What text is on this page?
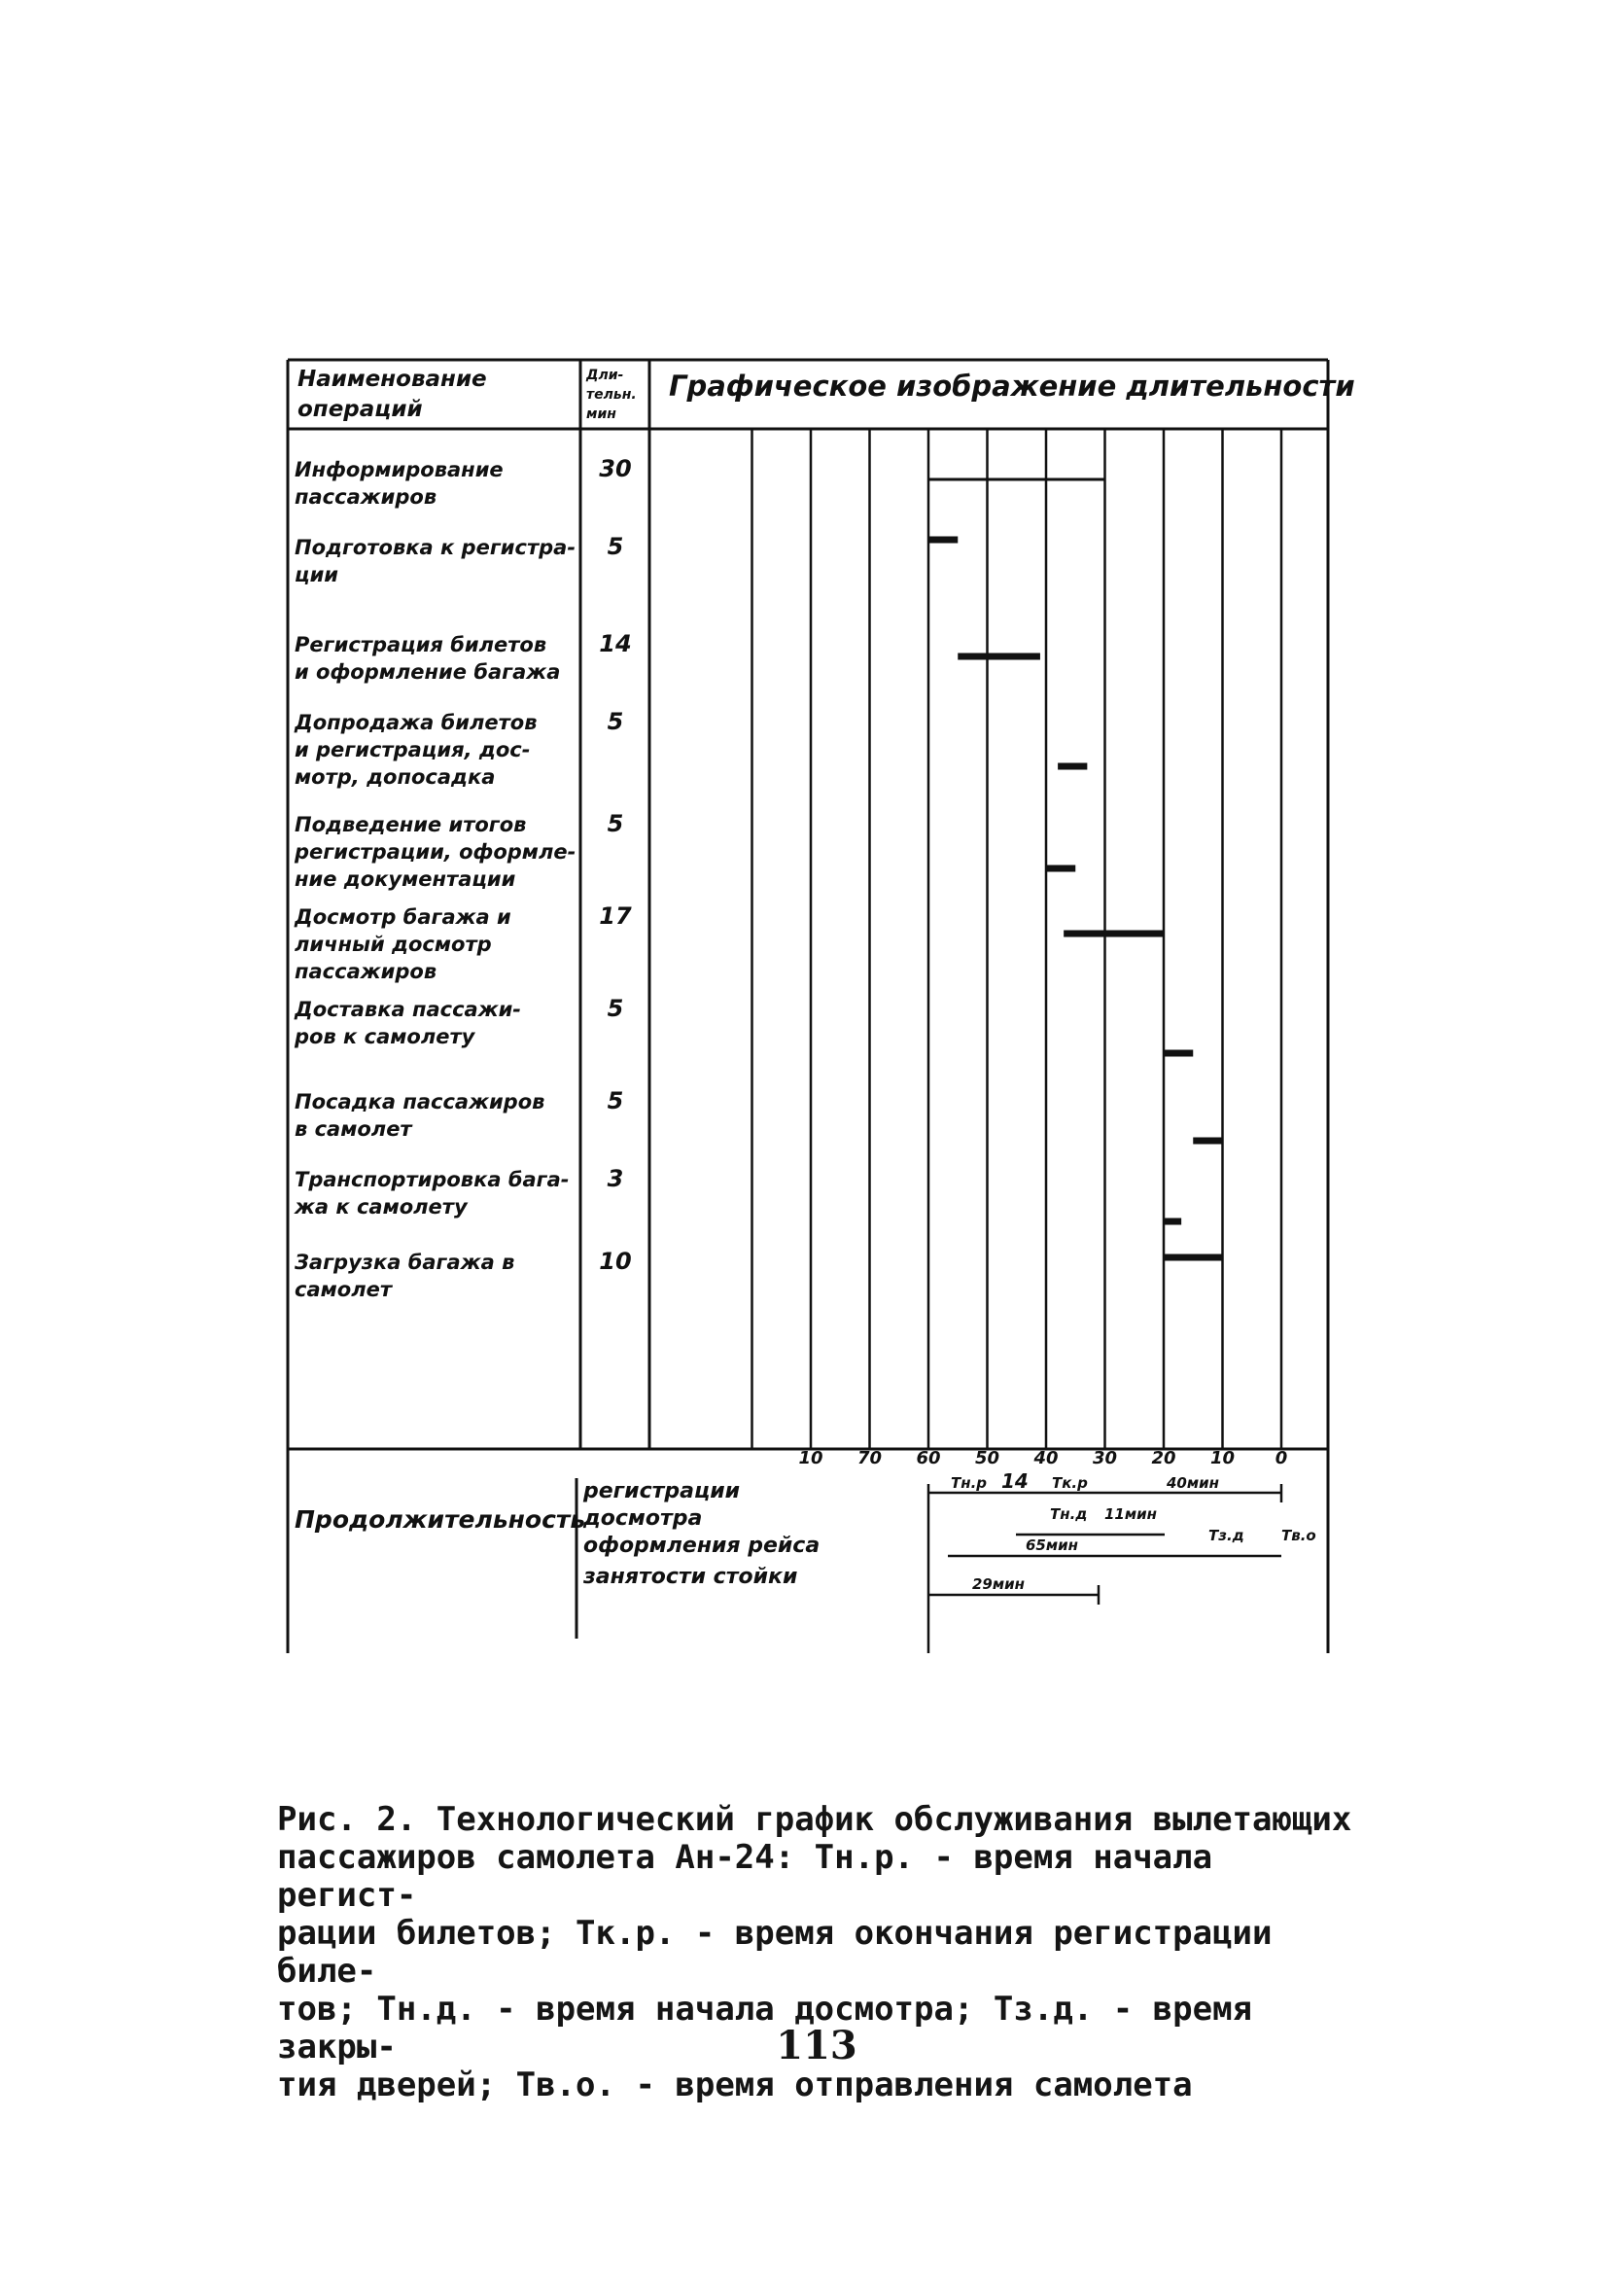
Наименование
операций
Дли-
тельн.
мин
Графическое изображение длительности
Информирование
пассажиров
30
Подготовка к регистра-
ции
5
Регистрация билетов
и оформление багажа
14
Допродажа билетов
и регистрация, дос-
мотр, допосадка
5
Подведение итогов
регистрации, оформле-
ние документации
5
Досмотр багажа и
личный досмотр
пассажиров
17
Доставка пассажи-
ров к самолету
5
Посадка пассажиров
в самолет
5
Транспортировка бага-
жа к самолету
3
Загрузка багажа в
самолет
10
10 70 60 50 40 30 20 10 0
Продолжительность
регистрации
досмотра
оформления рейса
занятости стойки
Тн.р 14 Тк.р	40мин
Тн.д 11мин
Тз.д	Тв.о
65мин
29мин
Рис. 2. Технологический график обслуживания вылетающих
пассажиров самолета Ан-24: Тн.р. - время начала регист-
рации билетов; Тк.р. - время окончания регистрации биле-
тов; Тн.д. - время начала досмотра; Тз.д. - время закры-
тия дверей; Тв.о. - время отправления самолета
113
